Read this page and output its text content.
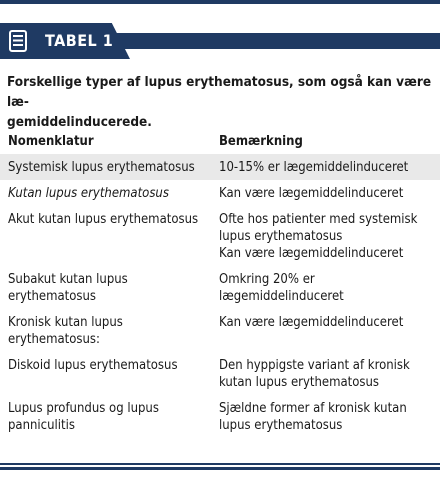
TABEL 1
Forskellige typer af lupus erythematosus, som også kan være læ-
gemiddelinducerede.
Nomenklatur	Bemærkning
Systemisk lupus erythematosus	10-15% er lægemiddelinduceret

Kutan lupus erythematosus	Kan være lægemiddelinduceret

Akut kutan lupus erythematosus	Ofte hos patienter med systemisk lupus erythematosus
Kan være lægemiddelinduceret

Subakut kutan lupus erythematosus	Omkring 20% er lægemiddelinduceret

Kronisk kutan lupus erythematosus:	Kan være lægemiddelinduceret

Diskoid lupus erythematosus	Den hyppigste variant af kronisk kutan lupus erythematosus

Lupus profundus og lupus panniculitis	Sjældne former af kronisk kutan lupus erythematosus
